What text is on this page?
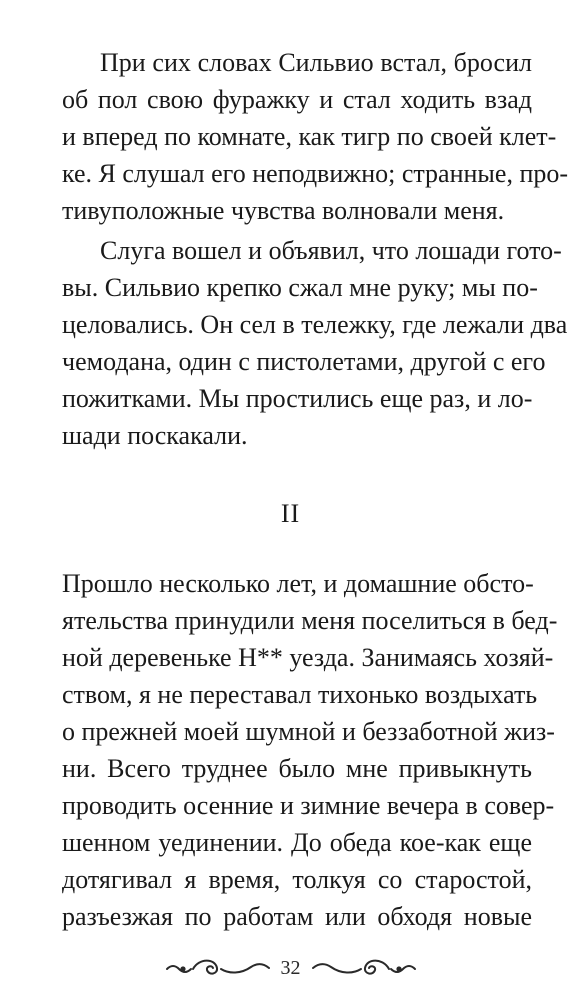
При сих словах Сильвио встал, бросил
об пол свою фуражку и стал ходить взад
и вперед по комнате, как тигр по своей клет-
ке. Я слушал его неподвижно; странные, про-
тивуположные чувства волновали меня.
Слуга вошел и объявил, что лошади гото-
вы. Сильвио крепко сжал мне руку; мы по-
целовались. Он сел в тележку, где лежали два
чемодана, один с пистолетами, другой с его
пожитками. Мы простились еще раз, и ло-
шади поскакали.
II
Прошло несколько лет, и домашние обсто-
ятельства принудили меня поселиться в бед-
ной деревеньке Н** уезда. Занимаясь хозяй-
ством, я не переставал тихонько воздыхать
о прежней моей шумной и беззаботной жиз-
ни. Всего труднее было мне привыкнуть
проводить осенние и зимние вечера в совер-
шенном уединении. До обеда кое-как еще
дотягивал я время, толкуя со старостой,
разъезжая по работам или обходя новые
32
